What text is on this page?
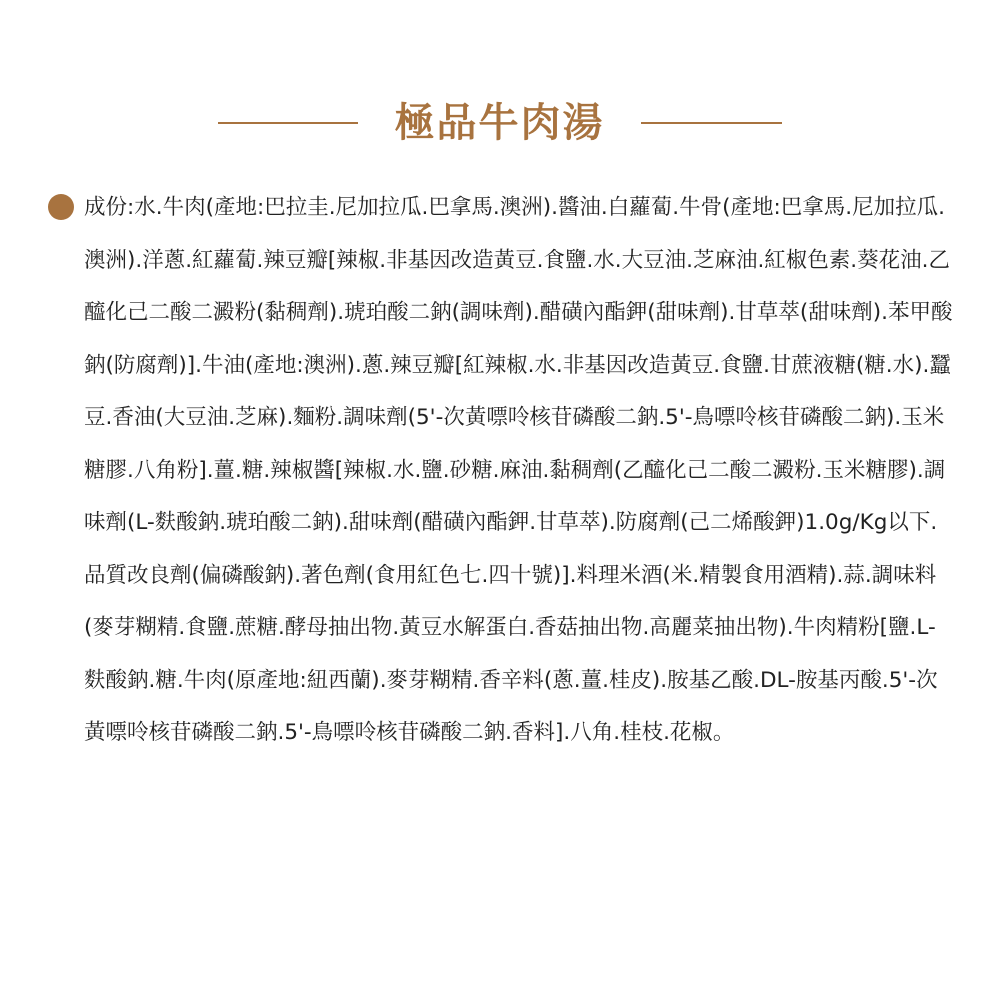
極品牛肉湯

成份:水.牛肉(產地:巴拉圭.尼加拉瓜.巴拿馬.澳洲).醬油.白蘿蔔.牛骨(產地:巴拿馬.尼加拉瓜.澳洲).洋蔥.紅蘿蔔.辣豆瓣[辣椒.非基因改造黃豆.食鹽.水.大豆油.芝麻油.紅椒色素.葵花油.乙醯化己二酸二澱粉(黏稠劑).琥珀酸二鈉(調味劑).醋磺內酯鉀(甜味劑).甘草萃(甜味劑).苯甲酸鈉(防腐劑)].牛油(產地:澳洲).蔥.辣豆瓣[紅辣椒.水.非基因改造黃豆.食鹽.甘蔗液糖(糖.水).蠶豆.香油(大豆油.芝麻).麵粉.調味劑(5'-次黃嘌呤核苷磷酸二鈉.5'-鳥嘌呤核苷磷酸二鈉).玉米糖膠.八角粉].薑.糖.辣椒醬[辣椒.水.鹽.砂糖.麻油.黏稠劑(乙醯化己二酸二澱粉.玉米糖膠).調味劑(L-麩酸鈉.琥珀酸二鈉).甜味劑(醋磺內酯鉀.甘草萃).防腐劑(己二烯酸鉀)1.0g/Kg以下.品質改良劑(偏磷酸鈉).著色劑(食用紅色七.四十號)].料理米酒(米.精製食用酒精).蒜.調味料(麥芽糊精.食鹽.蔗糖.酵母抽出物.黃豆水解蛋白.香菇抽出物.高麗菜抽出物).牛肉精粉[鹽.L-麩酸鈉.糖.牛肉(原產地:紐西蘭).麥芽糊精.香辛料(蔥.薑.桂皮).胺基乙酸.DL-胺基丙酸.5'-次黃嘌呤核苷磷酸二鈉.5'-鳥嘌呤核苷磷酸二鈉.香料].八角.桂枝.花椒。
